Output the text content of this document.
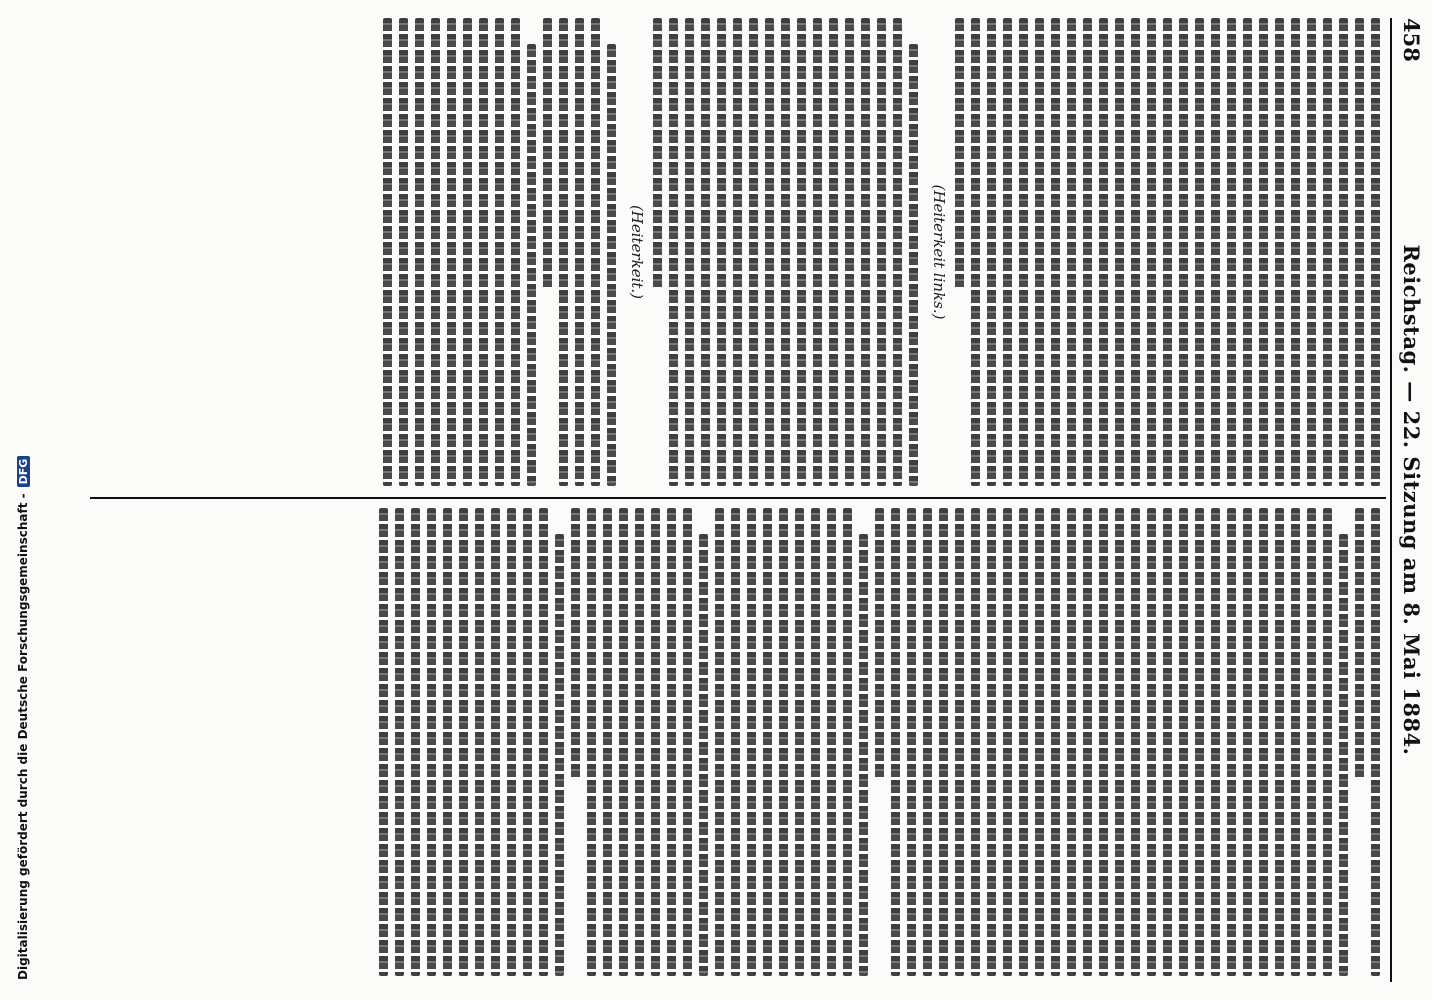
Digitalisierung gefördert durch die Deutsche Forschungsgemeinschaft -DFG
458
Reichstag. — 22. Sitzung am 8. Mai 1884.
(Heiterkeit links.)
(Heiterkeit.)
